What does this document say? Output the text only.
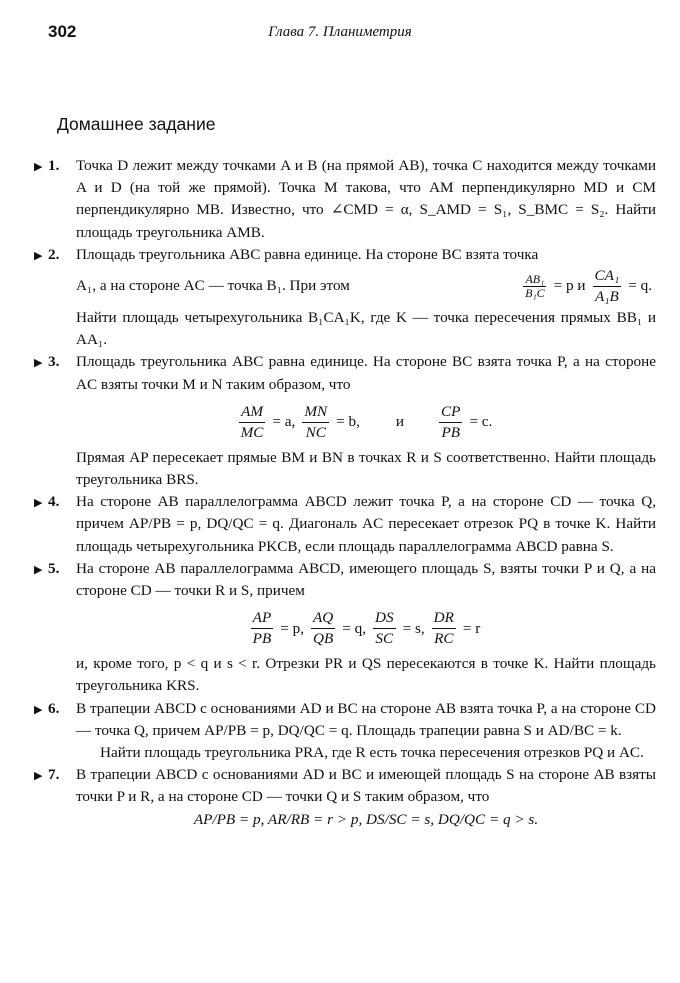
302	Глава 7. Планиметрия
Домашнее задание
▶ 1.	Точка D лежит между точками A и B (на прямой AB), точка C находится между точками A и D (на той же прямой). Точка M такова, что AM перпендикулярно MD и CM перпендикулярно MB. Известно, что ∠CMD = α, S_AMD = S₁, S_BMC = S₂. Найти площадь треугольника AMB.

▶ 2.	Площадь треугольника ABC равна единице. На стороне BC взята точка

A₁, а на стороне AC — точка B₁. При этом	$\frac{\text{AB₁}}{\text{B₁C}} = p$ и $\frac{\text{CA₁}}{\text{A₁B}} = q$.

Найти площадь четырехугольника B₁CA₁K, где K — точка пересечения прямых BB₁ и AA₁.

▶ 3.	Площадь треугольника ABC равна единице. На стороне BC взята точка P, а на стороне AC взяты точки M и N таким образом, что

$\frac{AM}{MC} = a$, $\frac{MN}{NC} = b$, и $\frac{CP}{PB} = c$.

Прямая AP пересекает прямые BM и BN в точках R и S соответственно. Найти площадь треугольника BRS.

▶ 4.	На стороне AB параллелограмма ABCD лежит точка P, а на стороне CD — точка Q, причем AP/PB = p, DQ/QC = q. Диагональ AC пересекает отрезок PQ в точке K. Найти площадь четырехугольника PKCB, если площадь параллелограмма ABCD равна S.

▶ 5.	На стороне AB параллелограмма ABCD, имеющего площадь S, взяты точки P и Q, а на стороне CD — точки R и S, причем

$\frac{AP}{PB} = p$, $\frac{AQ}{QB} = q$, $\frac{DS}{SC} = s$, $\frac{DR}{RC} = r$

и, кроме того, p < q и s < r. Отрезки PR и QS пересекаются в точке K. Найти площадь треугольника KRS.

▶ 6.	В трапеции ABCD с основаниями AD и BC на стороне AB взята точка P, а на стороне CD — точка Q, причем AP/PB = p, DQ/QC = q. Площадь трапеции равна S и AD/BC = k.

Найти площадь треугольника PRA, где R есть точка пересечения отрезков PQ и AC.

▶ 7.	В трапеции ABCD с основаниями AD и BC и имеющей площадь S на стороне AB взяты точки P и R, а на стороне CD — точки Q и S таким образом, что

AP/PB = p, AR/RB = r > p, DS/SC = s, DQ/QC = q > s.
